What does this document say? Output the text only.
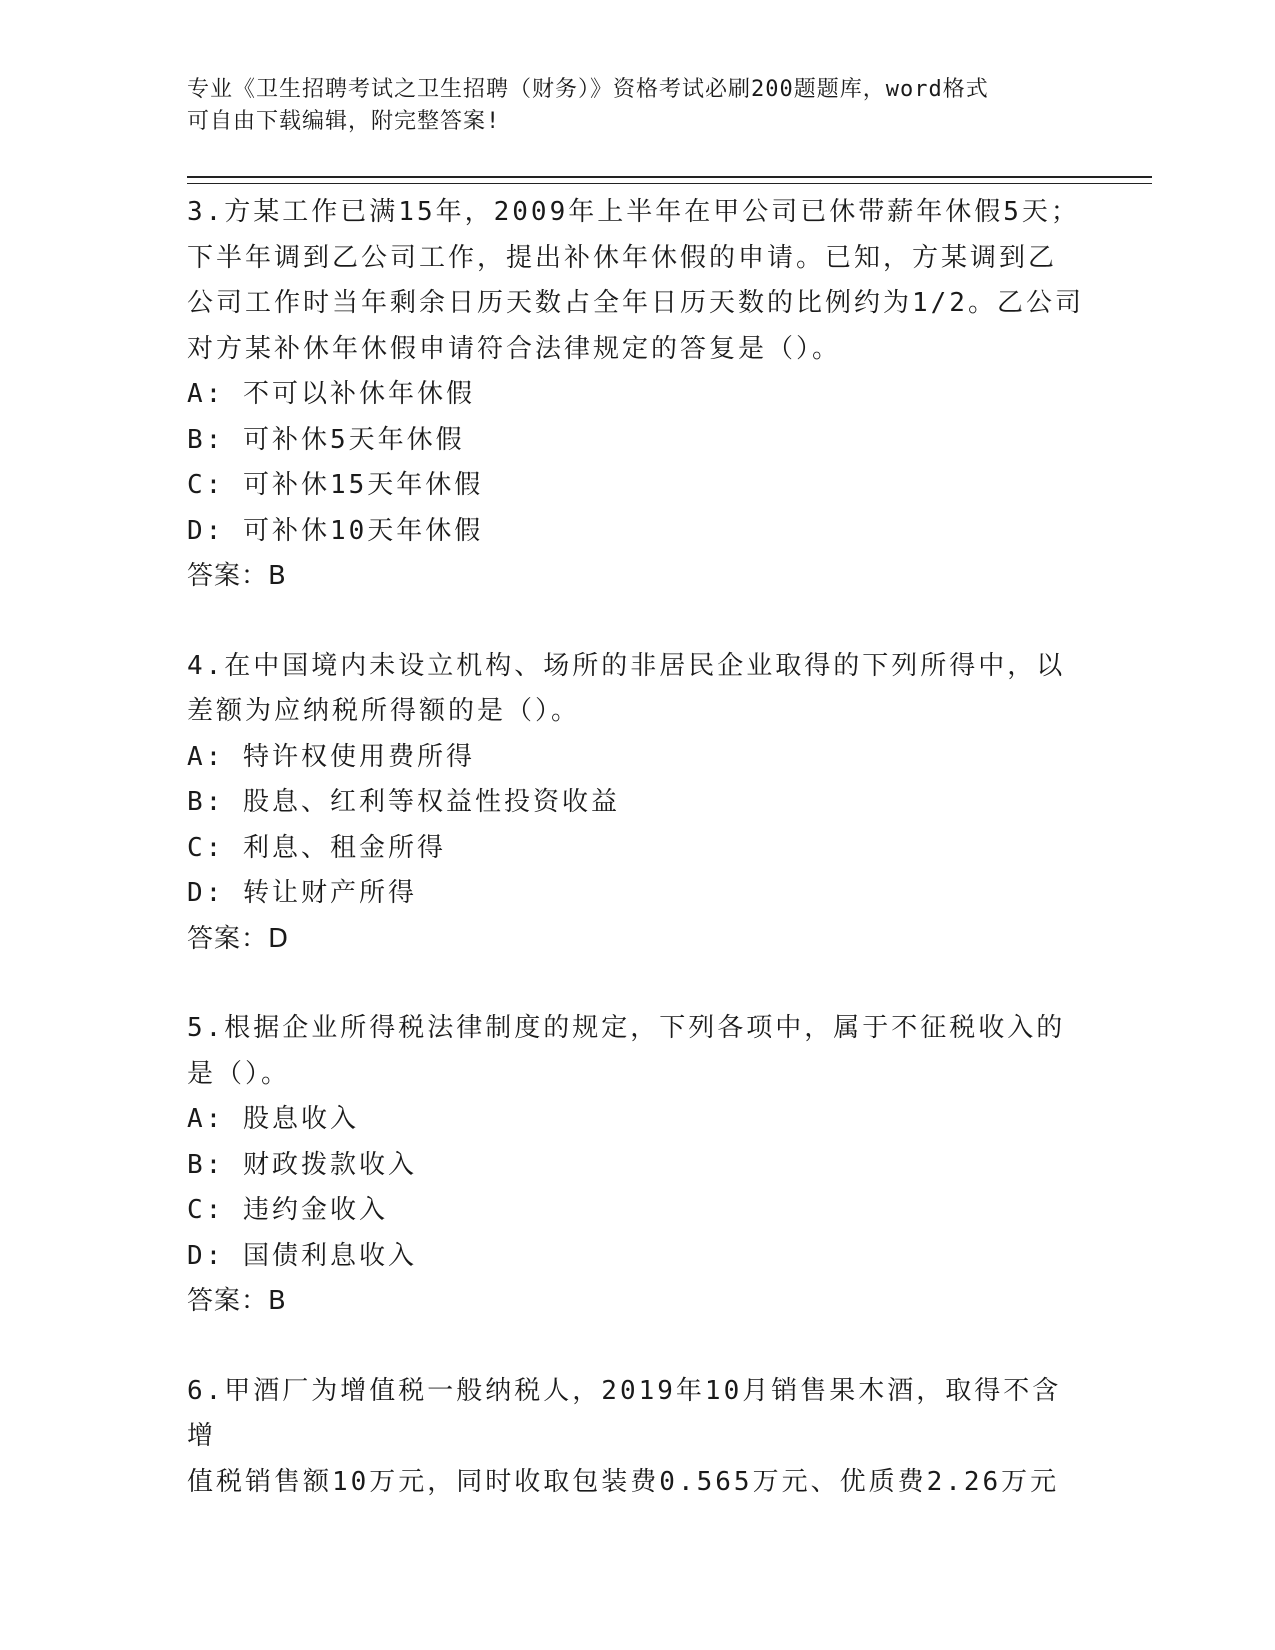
专业《卫生招聘考试之卫生招聘（财务）》资格考试必刷200题题库，word格式
可自由下载编辑，附完整答案!

3.方某工作已满15年，2009年上半年在甲公司已休带薪年休假5天；

下半年调到乙公司工作，提出补休年休假的申请。已知，方某调到乙

公司工作时当年剩余日历天数占全年日历天数的比例约为1/2。乙公司

对方某补休年休假申请符合法律规定的答复是（）。

A: 不可以补休年休假

B: 可补休5天年休假

C: 可补休15天年休假

D: 可补休10天年休假

答案：B

4.在中国境内未设立机构、场所的非居民企业取得的下列所得中，以

差额为应纳税所得额的是（）。

A: 特许权使用费所得

B: 股息、红利等权益性投资收益

C: 利息、租金所得

D: 转让财产所得

答案：D

5.根据企业所得税法律制度的规定，下列各项中，属于不征税收入的

是（）。

A: 股息收入

B: 财政拨款收入

C: 违约金收入

D: 国债利息收入

答案：B

6.甲酒厂为增值税一般纳税人，2019年10月销售果木酒，取得不含增

值税销售额10万元，同时收取包装费0.565万元、优质费2.26万元
